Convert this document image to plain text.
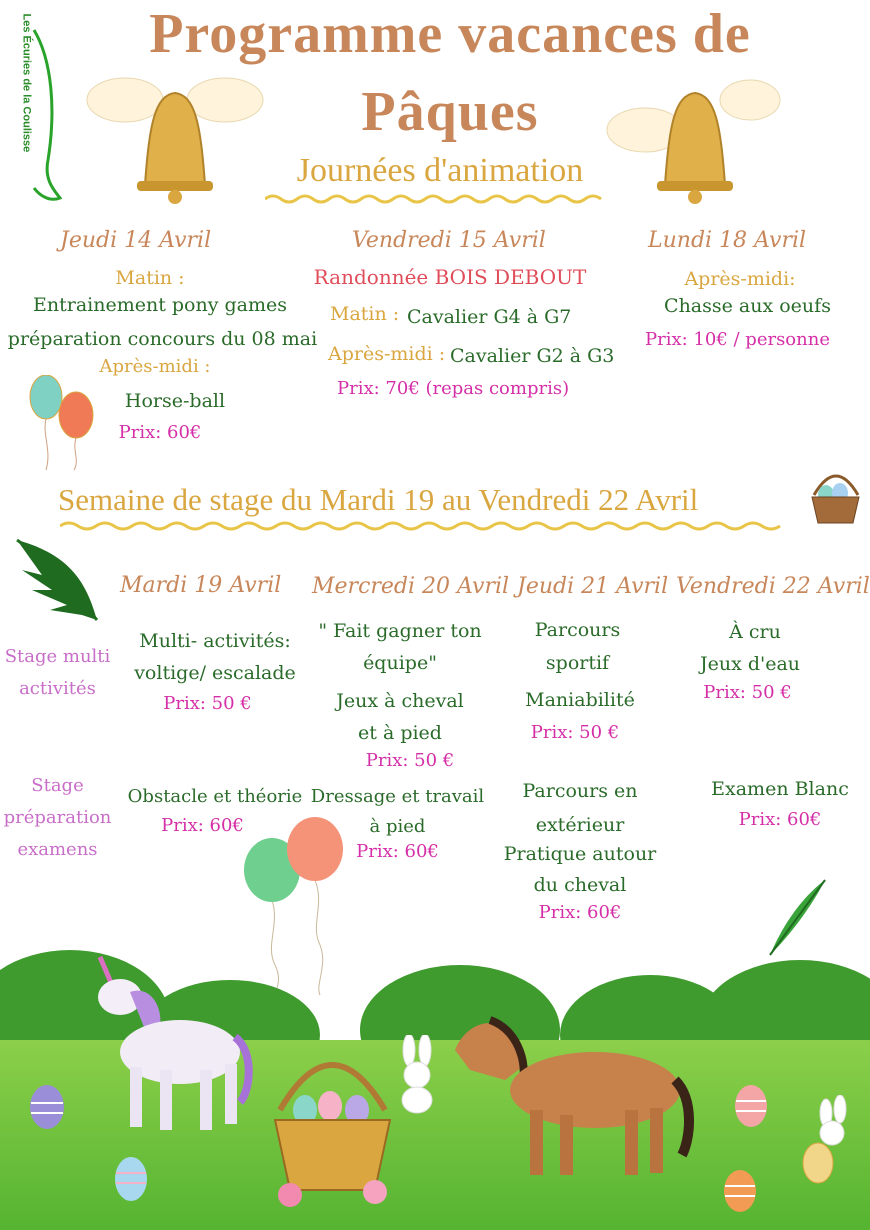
Les Écuries de la Coulisse	Programme vacances de
Pâques
Journées d'animation
Jeudi 14 Avril
Matin :
Entrainement pony games
préparation concours du 08 mai
Après-midi :
Horse-ball
Prix: 60€
Vendredi 15 Avril
Randonnée BOIS DEBOUT
Matin : Cavalier G4 à G7
Après-midi : Cavalier G2 à G3
Prix: 70€ (repas compris)
Lundi 18 Avril
Après-midi:
Chasse aux oeufs
Prix: 10€ / personne
Semaine de stage du Mardi 19 au Vendredi 22 Avril
Mardi 19 Avril Mercredi 20 Avril Jeudi 21 Avril Vendredi 22 Avril
Stage multi
activités
Multi- activités:
voltige/ escalade
Prix: 50 €
" Fait gagner ton
équipe"
Jeux à cheval
et à pied
Prix: 50 €
Parcours
sportif
Maniabilité
Prix: 50 €
À cru
Jeux d'eau
Prix: 50 €
Stage
préparation
examens
Obstacle et théorie
Prix: 60€
Dressage et travail
à pied
Prix: 60€
Parcours en
extérieur
Pratique autour
du cheval
Prix: 60€
Examen Blanc
Prix: 60€
